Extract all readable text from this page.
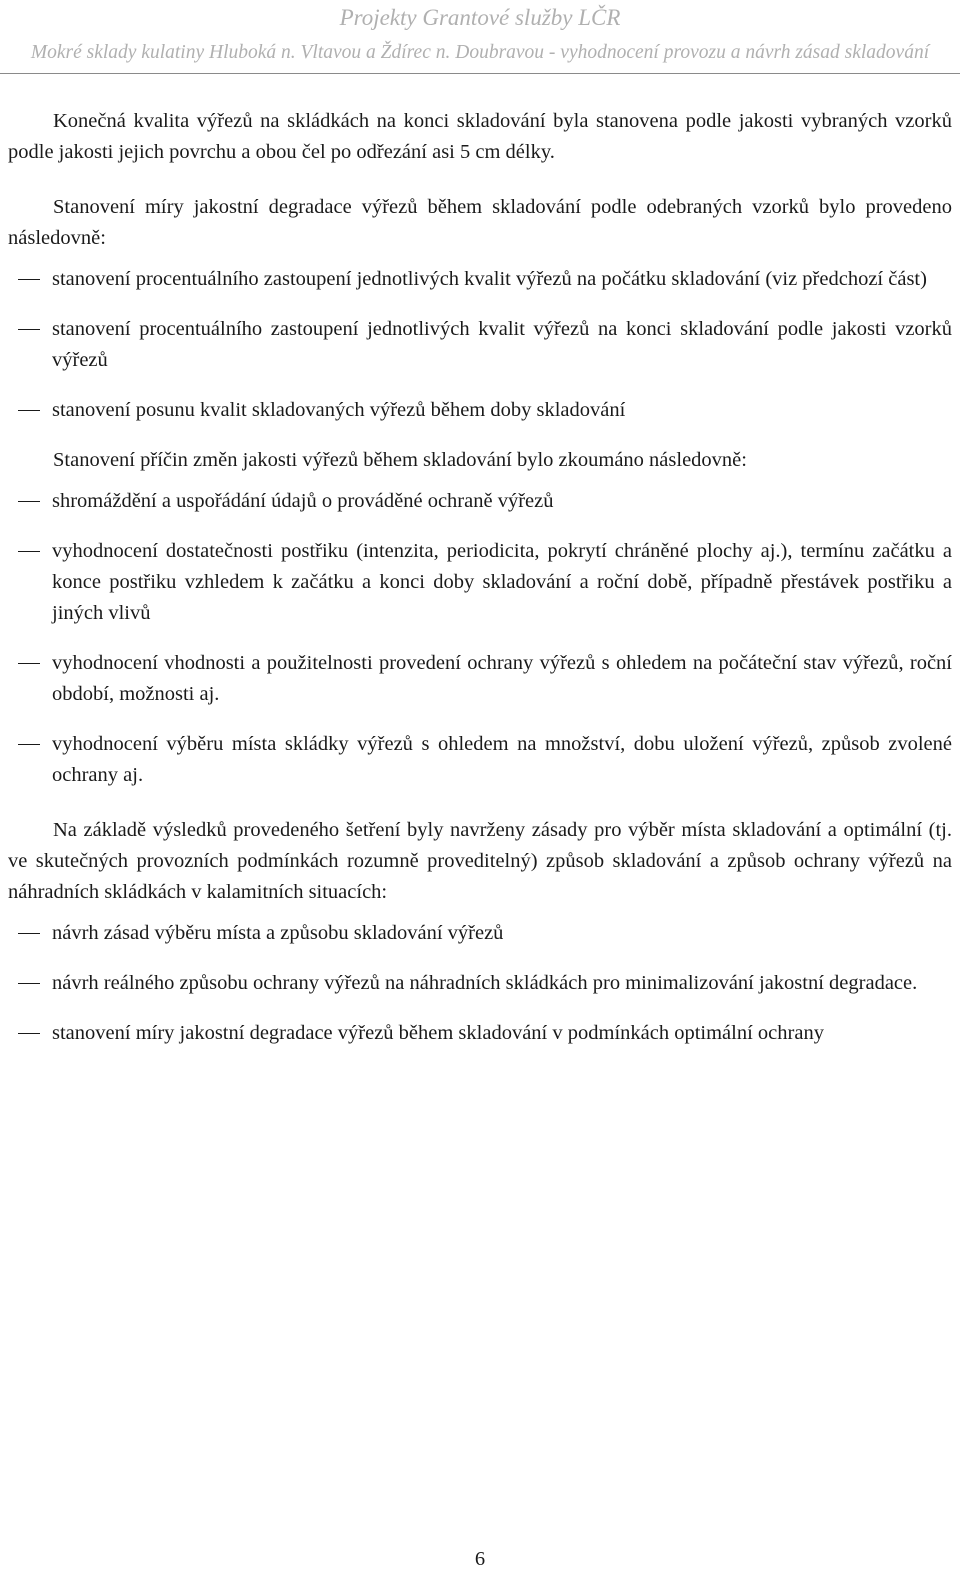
Projekty Grantové služby LČR
Mokré sklady kulatiny Hluboká n. Vltavou a Ždírec n. Doubravou - vyhodnocení provozu a návrh zásad skladování

Konečná kvalita výřezů na skládkách na konci skladování byla stanovena podle jakosti vybraných vzorků podle jakosti jejich povrchu a obou čel po odřezání asi 5 cm délky.

Stanovení míry jakostní degradace výřezů během skladování podle odebraných vzorků bylo provedeno následovně:

stanovení procentuálního zastoupení jednotlivých kvalit výřezů na počátku skladování (viz předchozí část)
stanovení procentuálního zastoupení jednotlivých kvalit výřezů na konci skladování podle jakosti vzorků výřezů
stanovení posunu kvalit skladovaných výřezů během doby skladování

Stanovení příčin změn jakosti výřezů během skladování bylo zkoumáno následovně:

shromáždění a uspořádání údajů o prováděné ochraně výřezů
vyhodnocení dostatečnosti postřiku (intenzita, periodicita, pokrytí chráněné plochy aj.), termínu začátku a konce postřiku vzhledem k začátku a konci doby skladování a roční době, případně přestávek postřiku a jiných vlivů
vyhodnocení vhodnosti a použitelnosti provedení ochrany výřezů s ohledem na počáteční stav výřezů, roční období, možnosti aj.
vyhodnocení výběru místa skládky výřezů s ohledem na množství, dobu uložení výřezů, způsob zvolené ochrany aj.

Na základě výsledků provedeného šetření byly navrženy zásady pro výběr místa skladování a optimální (tj. ve skutečných provozních podmínkách rozumně proveditelný) způsob skladování a způsob ochrany výřezů na náhradních skládkách v kalamitních situacích:

návrh zásad výběru místa a způsobu skladování výřezů
návrh reálného způsobu ochrany výřezů na náhradních skládkách pro minimalizování jakostní degradace.
stanovení míry jakostní degradace výřezů během skladování v podmínkách optimální ochrany
6
